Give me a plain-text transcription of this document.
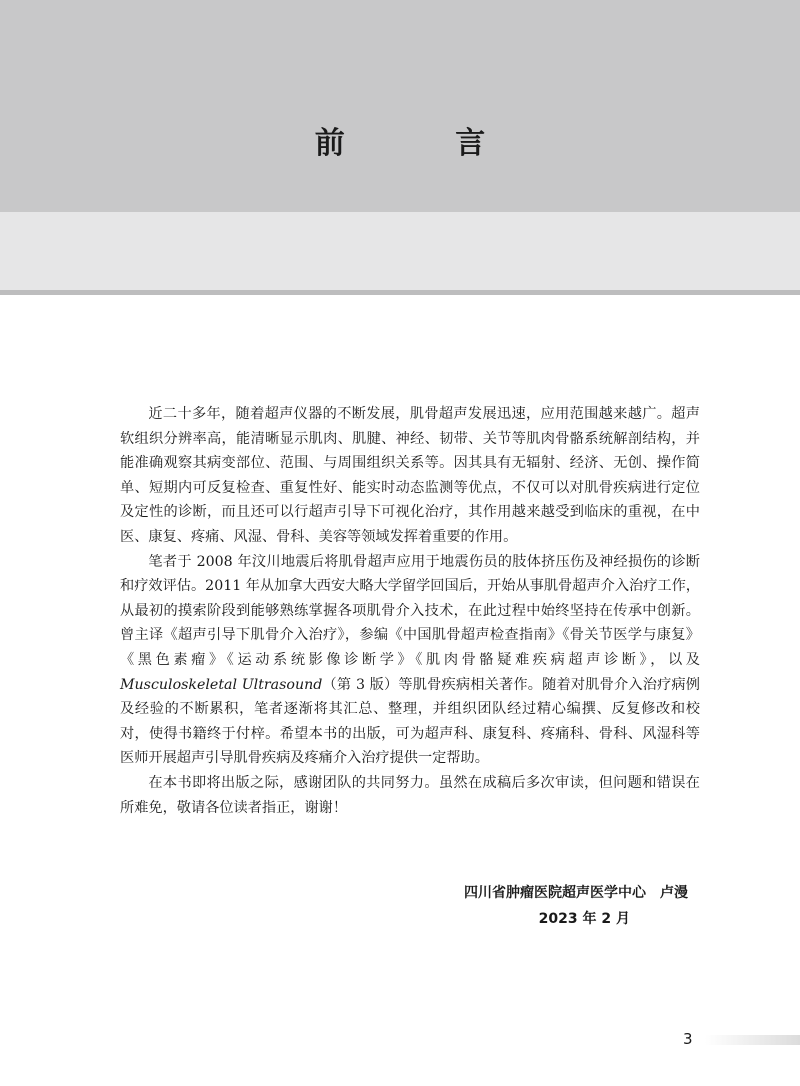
前 言

近二十多年，随着超声仪器的不断发展，肌骨超声发展迅速，应用范围越来越广。超声软组织分辨率高，能清晰显示肌肉、肌腱、神经、韧带、关节等肌肉骨骼系统解剖结构，并能准确观察其病变部位、范围、与周围组织关系等。因其具有无辐射、经济、无创、操作简单、短期内可反复检查、重复性好、能实时动态监测等优点，不仅可以对肌骨疾病进行定位及定性的诊断，而且还可以行超声引导下可视化治疗，其作用越来越受到临床的重视，在中医、康复、疼痛、风湿、骨科、美容等领域发挥着重要的作用。

笔者于 2008 年汶川地震后将肌骨超声应用于地震伤员的肢体挤压伤及神经损伤的诊断和疗效评估。2011 年从加拿大西安大略大学留学回国后，开始从事肌骨超声介入治疗工作，从最初的摸索阶段到能够熟练掌握各项肌骨介入技术，在此过程中始终坚持在传承中创新。曾主译《超声引导下肌骨介入治疗》，参编《中国肌骨超声检查指南》《骨关节医学与康复》《黑色素瘤》《运动系统影像诊断学》《肌肉骨骼疑难疾病超声诊断》，以及 Musculoskeletal Ultrasound（第 3 版）等肌骨疾病相关著作。随着对肌骨介入治疗病例及经验的不断累积，笔者逐渐将其汇总、整理，并组织团队经过精心编撰、反复修改和校对，使得书籍终于付梓。希望本书的出版，可为超声科、康复科、疼痛科、骨科、风湿科等医师开展超声引导肌骨疾病及疼痛介入治疗提供一定帮助。

在本书即将出版之际，感谢团队的共同努力。虽然在成稿后多次审读，但问题和错误在所难免，敬请各位读者指正，谢谢！

四川省肿瘤医院超声医学中心　卢漫
2023 年 2 月
3
